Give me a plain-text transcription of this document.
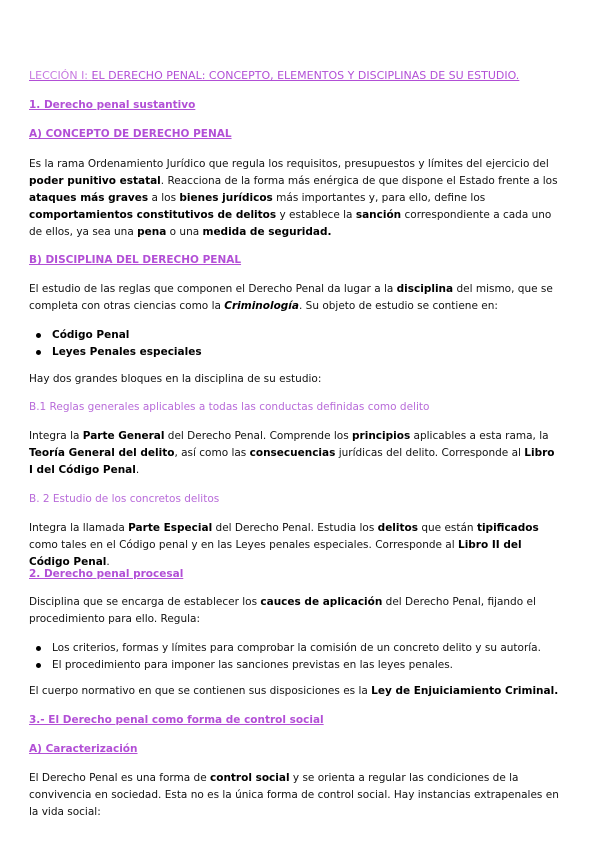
LECCIÓN I: EL DERECHO PENAL: CONCEPTO, ELEMENTOS Y DISCIPLINAS DE SU ESTUDIO.
1. Derecho penal sustantivo
A) CONCEPTO DE DERECHO PENAL

Es la rama Ordenamiento Jurídico que regula los requisitos, presupuestos y límites del ejercicio del poder punitivo estatal. Reacciona de la forma más enérgica de que dispone el Estado frente a los ataques más graves a los bienes jurídicos más importantes y, para ello, define los comportamientos constitutivos de delitos y establece la sanción correspondiente a cada uno de ellos, ya sea una pena o una medida de seguridad.

B) DISCIPLINA DEL DERECHO PENAL

El estudio de las reglas que componen el Derecho Penal da lugar a la disciplina del mismo, que se completa con otras ciencias como la Criminología. Su objeto de estudio se contiene en:

Código Penal
Leyes Penales especiales

Hay dos grandes bloques en la disciplina de su estudio:

B.1 Reglas generales aplicables a todas las conductas definidas como delito

Integra la Parte General del Derecho Penal. Comprende los principios aplicables a esta rama, la Teoría General del delito, así como las consecuencias jurídicas del delito. Corresponde al Libro I del Código Penal.

B. 2 Estudio de los concretos delitos

Integra la llamada Parte Especial del Derecho Penal. Estudia los delitos que están tipificados como tales en el Código penal y en las Leyes penales especiales. Corresponde al Libro II del Código Penal.

2. Derecho penal procesal

Disciplina que se encarga de establecer los cauces de aplicación del Derecho Penal, fijando el procedimiento para ello. Regula:

Los criterios, formas y límites para comprobar la comisión de un concreto delito y su autoría.
El procedimiento para imponer las sanciones previstas en las leyes penales.

El cuerpo normativo en que se contienen sus disposiciones es la Ley de Enjuiciamiento Criminal.

3.- El Derecho penal como forma de control social
A) Caracterización

El Derecho Penal es una forma de control social y se orienta a regular las condiciones de la convivencia en sociedad. Esta no es la única forma de control social. Hay instancias extrapenales en la vida social:
